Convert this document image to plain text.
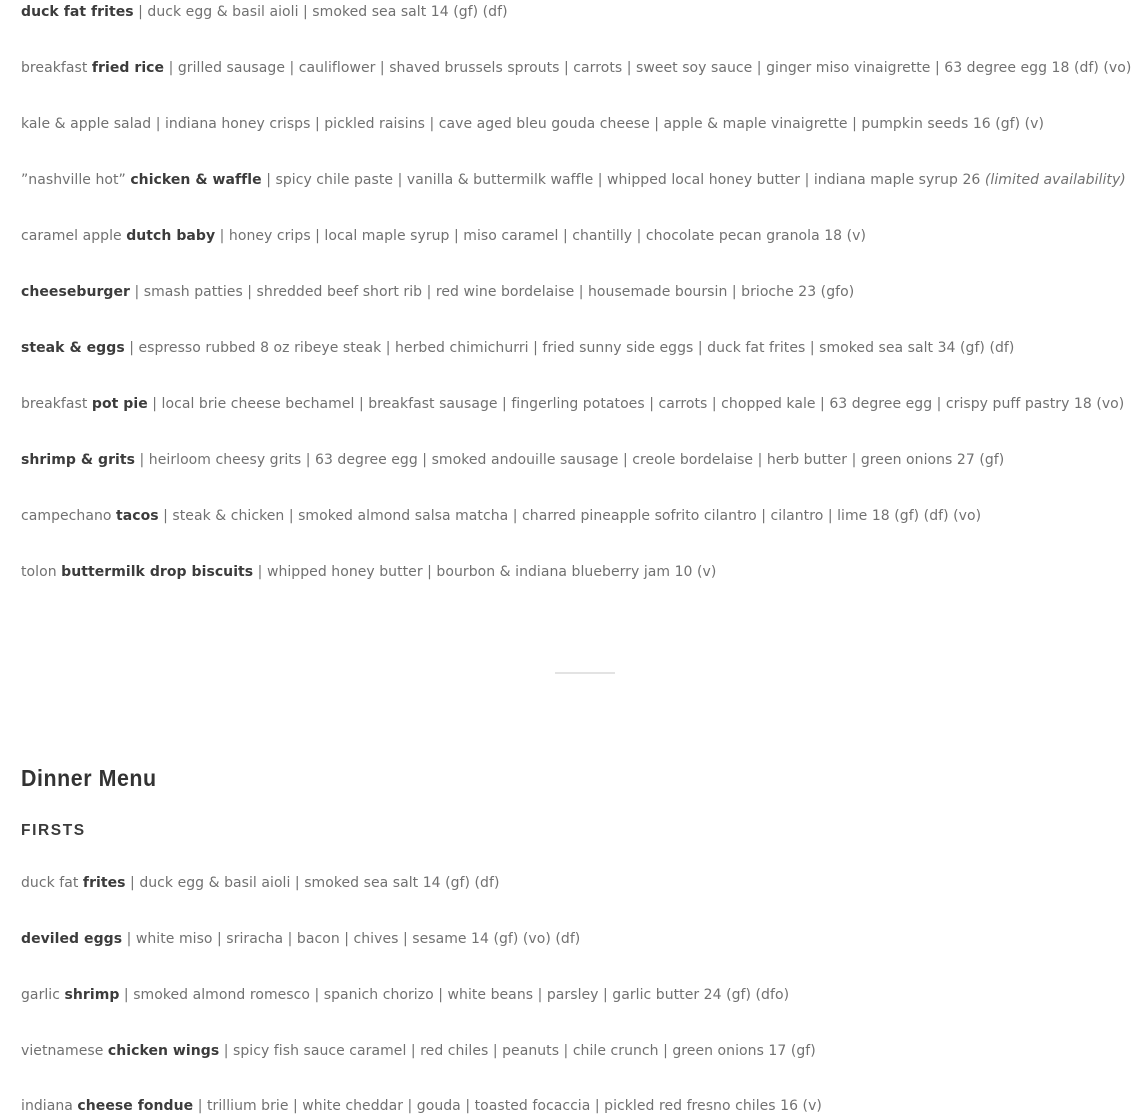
duck fat frites | duck egg & basil aioli | smoked sea salt 14 (gf) (df)
breakfast fried rice | grilled sausage | cauliflower | shaved brussels sprouts | carrots | sweet soy sauce | ginger miso vinaigrette | 63 degree egg 18 (df) (vo)
kale & apple salad | indiana honey crisps | pickled raisins | cave aged bleu gouda cheese | apple & maple vinaigrette | pumpkin seeds 16 (gf) (v)
”nashville hot” chicken & waffle | spicy chile paste | vanilla & buttermilk waffle | whipped local honey butter | indiana maple syrup 26 (limited availability)
caramel apple dutch baby | honey crips | local maple syrup | miso caramel | chantilly | chocolate pecan granola 18 (v)
cheeseburger | smash patties | shredded beef short rib | red wine bordelaise | housemade boursin | brioche 23 (gfo)
steak & eggs | espresso rubbed 8 oz ribeye steak | herbed chimichurri | fried sunny side eggs | duck fat frites | smoked sea salt 34 (gf) (df)
breakfast pot pie | local brie cheese bechamel | breakfast sausage | fingerling potatoes | carrots | chopped kale | 63 degree egg | crispy puff pastry 18 (vo)
shrimp & grits | heirloom cheesy grits | 63 degree egg | smoked andouille sausage | creole bordelaise | herb butter | green onions 27 (gf)
campechano tacos | steak & chicken | smoked almond salsa matcha | charred pineapple sofrito cilantro | cilantro | lime 18 (gf) (df) (vo)
tolon buttermilk drop biscuits | whipped honey butter | bourbon & indiana blueberry jam 10 (v)
Dinner Menu
FIRSTS
duck fat frites | duck egg & basil aioli | smoked sea salt 14 (gf) (df)
deviled eggs | white miso | sriracha | bacon | chives | sesame 14 (gf) (vo) (df)
garlic shrimp | smoked almond romesco | spanich chorizo | white beans | parsley | garlic butter 24 (gf) (dfo)
vietnamese chicken wings | spicy fish sauce caramel | red chiles | peanuts | chile crunch | green onions 17 (gf)
indiana cheese fondue | trillium brie | white cheddar | gouda | toasted focaccia | pickled red fresno chiles 16 (v)
